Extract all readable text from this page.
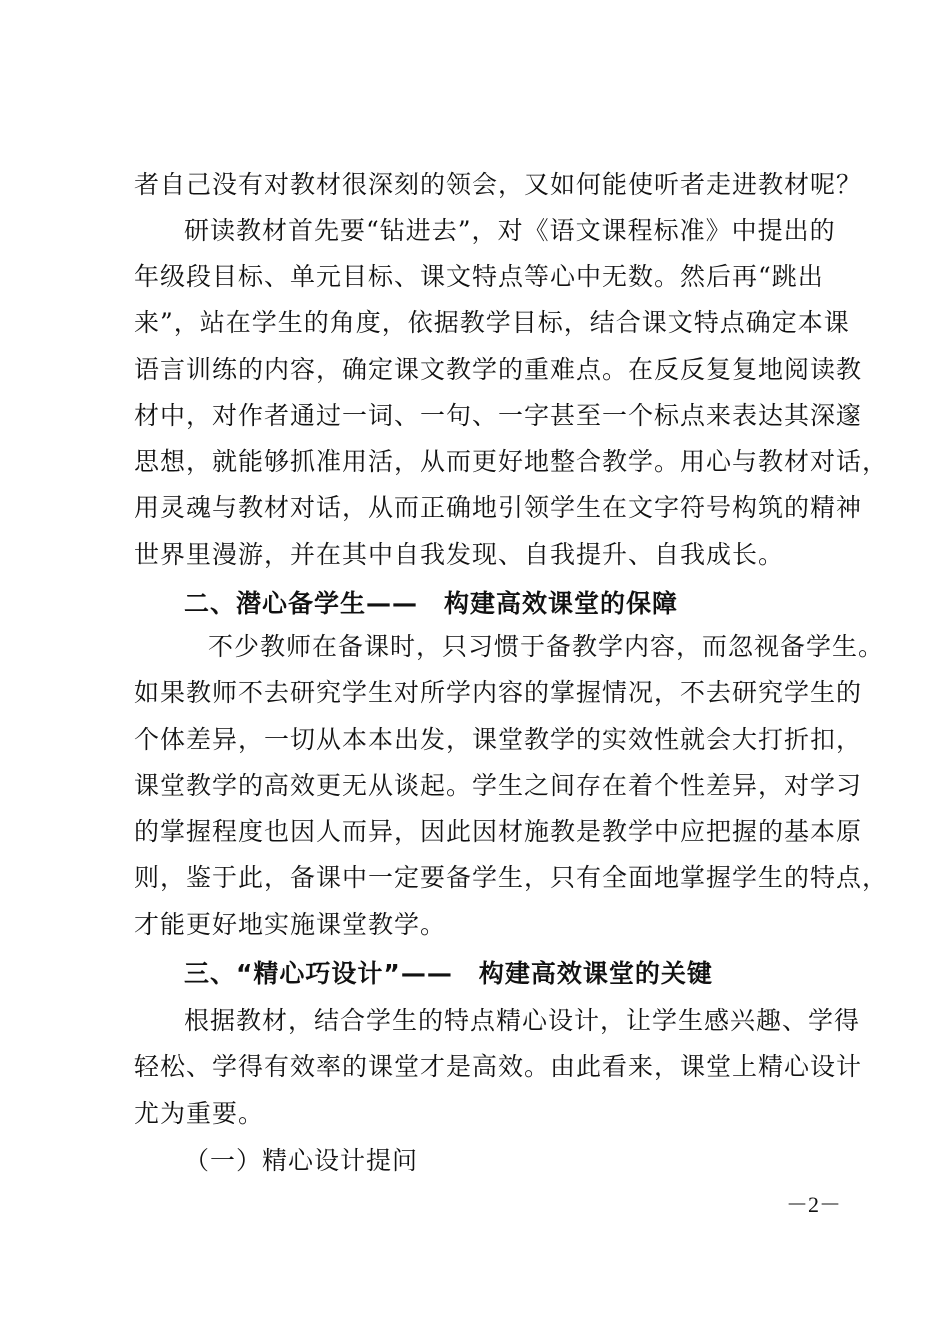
者自己没有对教材很深刻的领会，又如何能使听者走进教材呢？
研读教材首先要“钻进去”，对《语文课程标准》中提出的
年级段目标、单元目标、课文特点等心中无数。然后再“跳出
来”，站在学生的角度，依据教学目标，结合课文特点确定本课
语言训练的内容，确定课文教学的重难点。在反反复复地阅读教
材中，对作者通过一词、一句、一字甚至一个标点来表达其深邃
思想，就能够抓准用活，从而更好地整合教学。用心与教材对话，
用灵魂与教材对话，从而正确地引领学生在文字符号构筑的精神
世界里漫游，并在其中自我发现、自我提升、自我成长。
二、潜心备学生——　构建高效课堂的保障
不少教师在备课时，只习惯于备教学内容，而忽视备学生。
如果教师不去研究学生对所学内容的掌握情况，不去研究学生的
个体差异，一切从本本出发，课堂教学的实效性就会大打折扣，
课堂教学的高效更无从谈起。学生之间存在着个性差异，对学习
的掌握程度也因人而异，因此因材施教是教学中应把握的基本原
则，鉴于此，备课中一定要备学生，只有全面地掌握学生的特点，
才能更好地实施课堂教学。
三、“精心巧设计”——　构建高效课堂的关键
根据教材，结合学生的特点精心设计，让学生感兴趣、学得
轻松、学得有效率的课堂才是高效。由此看来，课堂上精心设计
尤为重要。
（一）精心设计提问
－2－
